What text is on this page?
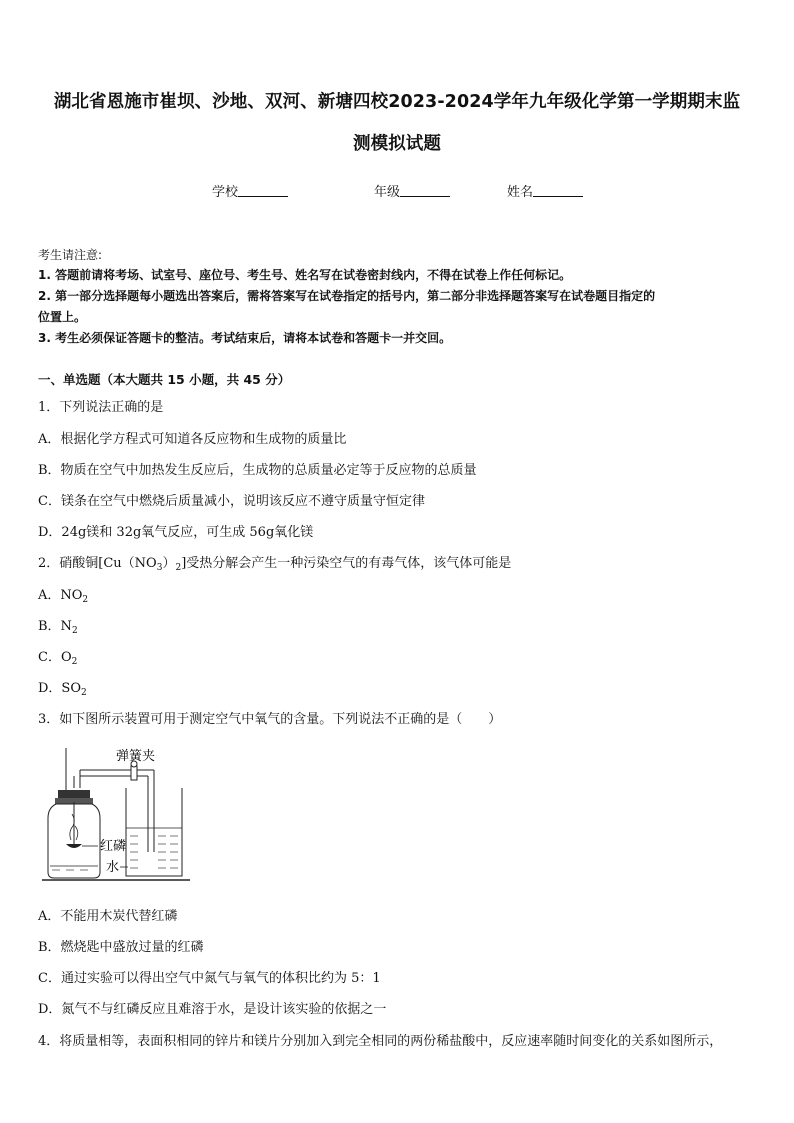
湖北省恩施市崔坝、沙地、双河、新塘四校2023-2024学年九年级化学第一学期期末监
测模拟试题
学校	年级	姓名
考生请注意:
1. 答题前请将考场、试室号、座位号、考生号、姓名写在试卷密封线内，不得在试卷上作任何标记。
2. 第一部分选择题每小题选出答案后，需将答案写在试卷指定的括号内，第二部分非选择题答案写在试卷题目指定的
位置上。
3. 考生必须保证答题卡的整洁。考试结束后，请将本试卷和答题卡一并交回。
一、单选题（本大题共 15 小题，共 45 分）
1．下列说法正确的是
A．根据化学方程式可知道各反应物和生成物的质量比
B．物质在空气中加热发生反应后，生成物的总质量必定等于反应物的总质量
C．镁条在空气中燃烧后质量减小，说明该反应不遵守质量守恒定律
D．24g镁和 32g氧气反应，可生成 56g氧化镁
2．硝酸铜$[Cu(NO_3)_2]$受热分解会产生一种污染空气的有毒气体，该气体可能是
A．$NO_2$
B．$N_2$
C．$O_2$
D．$SO_2$
3．如下图所示装置可用于测定空气中氧气的含量。下列说法不正确的是（　　）
弹簧夹
红磷
水
A．不能用木炭代替红磷
B．燃烧匙中盛放过量的红磷
C．通过实验可以得出空气中氮气与氧气的体积比约为 5：1
D．氮气不与红磷反应且难溶于水，是设计该实验的依据之一
4．将质量相等，表面积相同的锌片和镁片分别加入到完全相同的两份稀盐酸中，反应速率随时间变化的关系如图所示，
